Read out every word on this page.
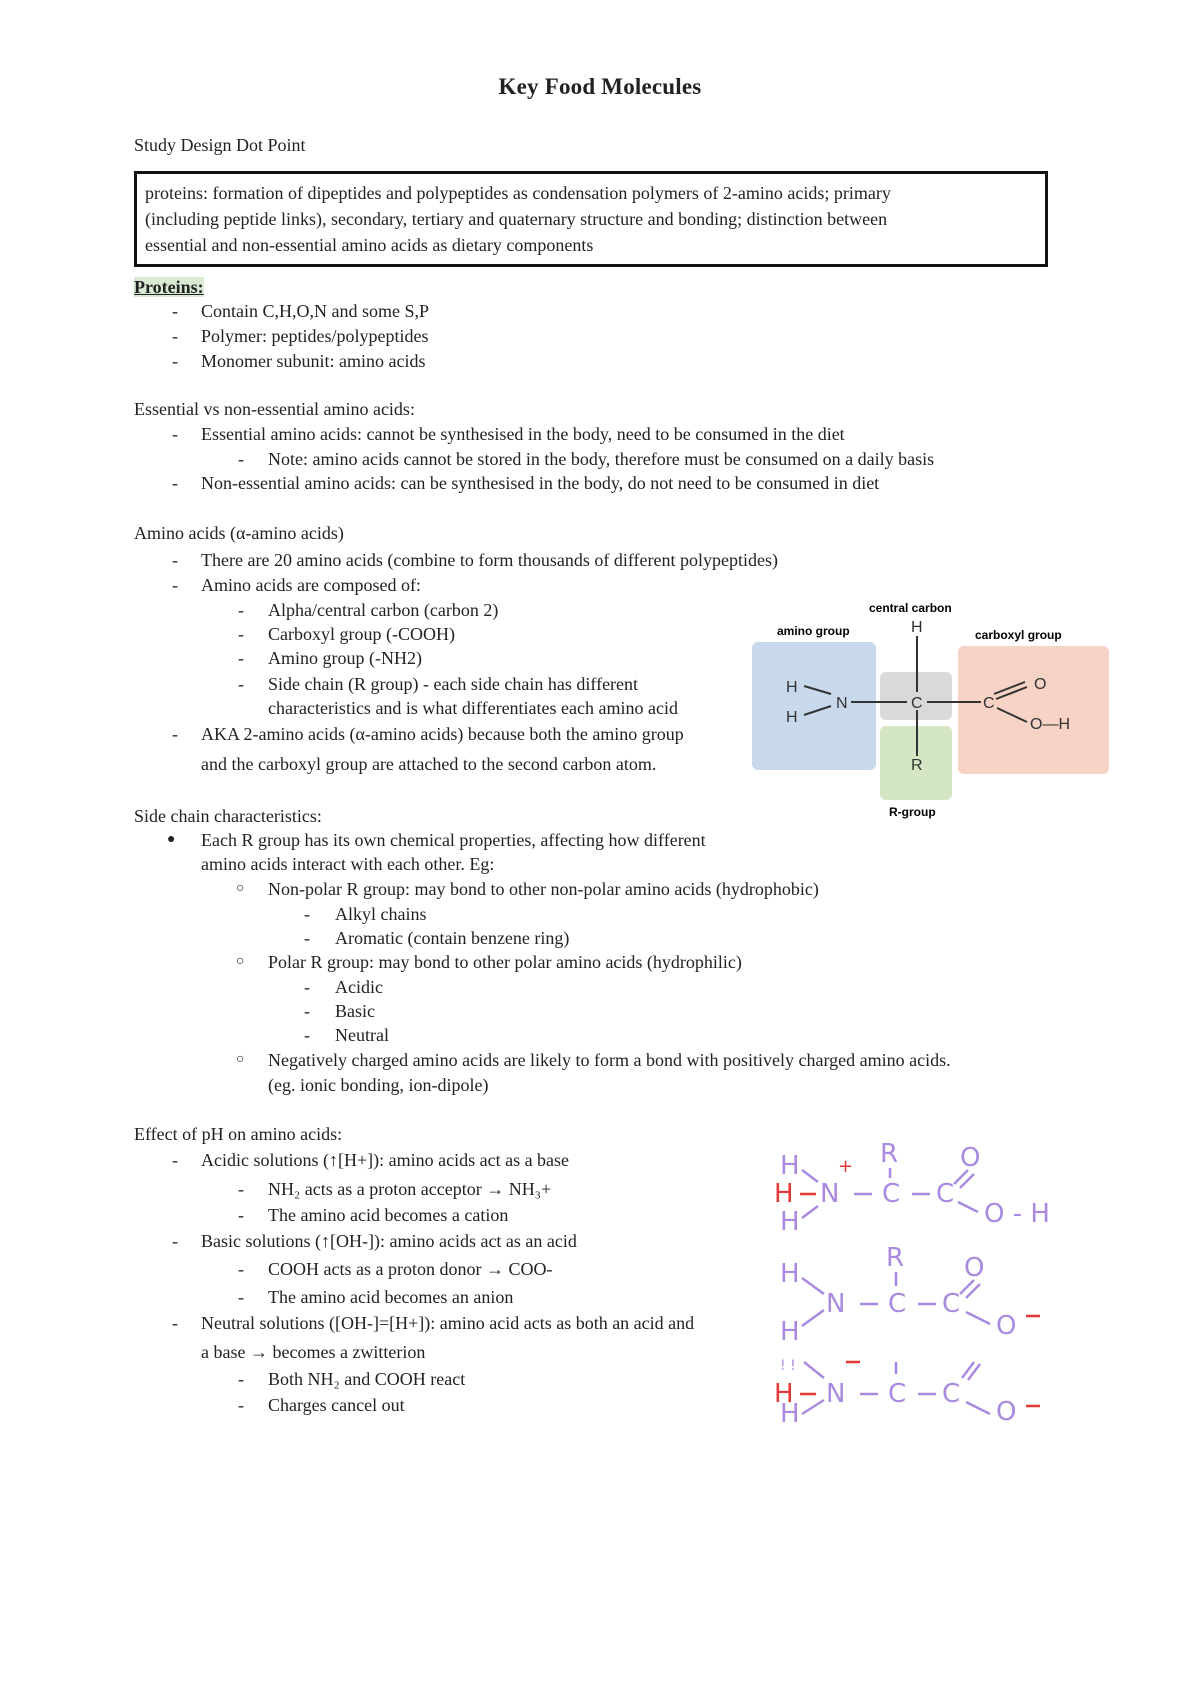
Key Food Molecules
Study Design Dot Point
proteins: formation of dipeptides and polypeptides as condensation polymers of 2-amino acids; primary
(including peptide links), secondary, tertiary and quaternary structure and bonding; distinction between
essential and non-essential amino acids as dietary components
Proteins:
- Contain C,H,O,N and some S,P
- Polymer: peptides/polypeptides
- Monomer subunit: amino acids
Essential vs non-essential amino acids:
- Essential amino acids: cannot be synthesised in the body, need to be consumed in the diet
- Note: amino acids cannot be stored in the body, therefore must be consumed on a daily basis
- Non-essential amino acids: can be synthesised in the body, do not need to be consumed in diet
Amino acids (α-amino acids)
- There are 20 amino acids (combine to form thousands of different polypeptides)
- Amino acids are composed of:
- Alpha/central carbon (carbon 2)
- Carboxyl group (-COOH)
- Amino group (-NH2)
- Side chain (R group) - each side chain has different
characteristics and is what differentiates each amino acid
- AKA 2-amino acids (α-amino acids) because both the amino group
and the carboxyl group are attached to the second carbon atom.
central carbon
amino group	carboxyl group
R-group
H
H
N
H
C	C
O
O—H
R
Side chain characteristics:
● Each R group has its own chemical properties, affecting how different
amino acids interact with each other. Eg:
○ Non-polar R group: may bond to other non-polar amino acids (hydrophobic)
- Alkyl chains
- Aromatic (contain benzene ring)
○ Polar R group: may bond to other polar amino acids (hydrophilic)
- Acidic
- Basic
- Neutral
○ Negatively charged amino acids are likely to form a bond with positively charged amino acids.
(eg. ionic bonding, ion-dipole)
Effect of pH on amino acids:
- Acidic solutions (↑[H+]): amino acids act as a base
- NH₂ acts as a proton acceptor → NH₃+
- The amino acid becomes a cation
- Basic solutions (↑[OH-]): amino acids act as an acid
- COOH acts as a proton donor → COO-
- The amino acid becomes an anion
- Neutral solutions ([OH-]=[H+]): amino acid acts as both an acid and
a base → becomes a zwitterion
- Both NH₂ and COOH react
- Charges cancel out
H
H
N
R
C C
O
O - H
H
+
H
H
N
R
C C
O
O
! !
H
N C C
O
H
